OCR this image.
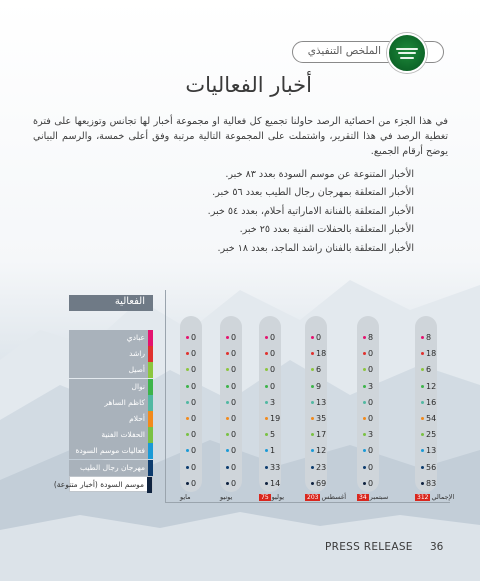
الملخص التنفيذي
أخبار الفعاليات
في هذا الجزء من احصائية الرصد حاولنا تجميع كل فعالية او مجموعة أخبار لها تجانس وتوزيعها على فترة تغطية الرصد في هذا التقرير، واشتملت على المجموعة التالية مرتبة وفق أعلى خمسة، والرسم البياني يوضح أرقام الجميع.
الأخبار المتنوعة عن موسم السودة بعدد ٨٣ خبر.
الأخبار المتعلقة بمهرجان رجال الطيب بعدد ٥٦ خبر.
الأخبار المتعلقة بالفنانة الاماراتية أحلام، بعدد ٥٤ خبر.
الأخبار المتعلقة بالحفلات الفنية بعدد ٢٥ خبر.
الأخبار المتعلقة بالفنان راشد الماجد، بعدد ١٨ خبر.
الفعالية
عبادي
راشد
أصيل
نوال
كاظم الساهر
أحلام
الحفلات الفنية
فعاليات موسم السودة
مهرجان رجال الطيب
موسم السودة (أخبار متنوعة)
0
0
0
0
0
0
0
0
0
0
مايو
0
0
0
0
0
0
0
0
0
0
يونيو
0
0
0
0
3
19
5
1
33
14
75 يوليو
0
18
6
9
13
35
17
12
23
69
203 أغسطس
8
0
0
3
0
0
3
0
0
0
34 سبتمبر
8
18
6
12
16
54
25
13
56
83
312 الإجمالي
PRESS RELEASE 36
